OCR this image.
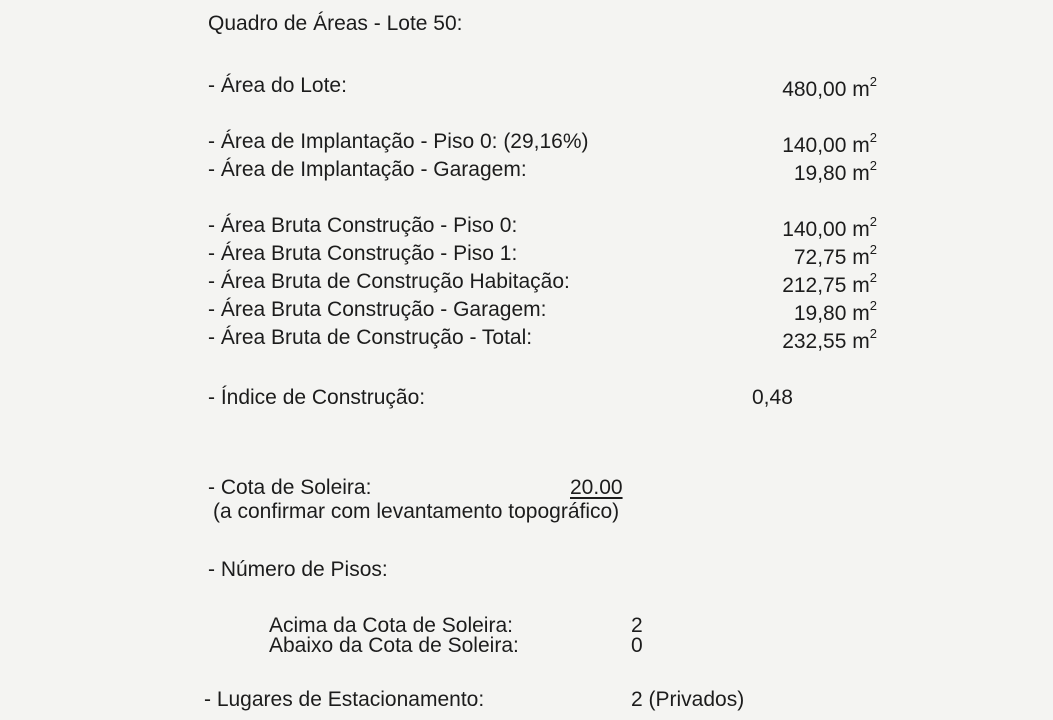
Quadro de Áreas - Lote 50:
- Área do Lote:	480,00 $m^2$
- Área de Implantação - Piso 0: (29,16%)	140,00 $m^2$
- Área de Implantação - Garagem:	19,80 $m^2$
- Área Bruta Construção - Piso 0:	140,00 $m^2$
- Área Bruta Construção - Piso 1:	72,75 $m^2$
- Área Bruta de Construção Habitação:	212,75 $m^2$
- Área Bruta Construção - Garagem:	19,80 $m^2$
- Área Bruta de Construção - Total:	232,55 $m^2$
- Índice de Construção:	0,48
- Cota de Soleira:	20.00
(a confirmar com levantamento topográfico)
- Número de Pisos:
Acima da Cota de Soleira:	2
Abaixo da Cota de Soleira:	0
- Lugares de Estacionamento:	2 (Privados)
